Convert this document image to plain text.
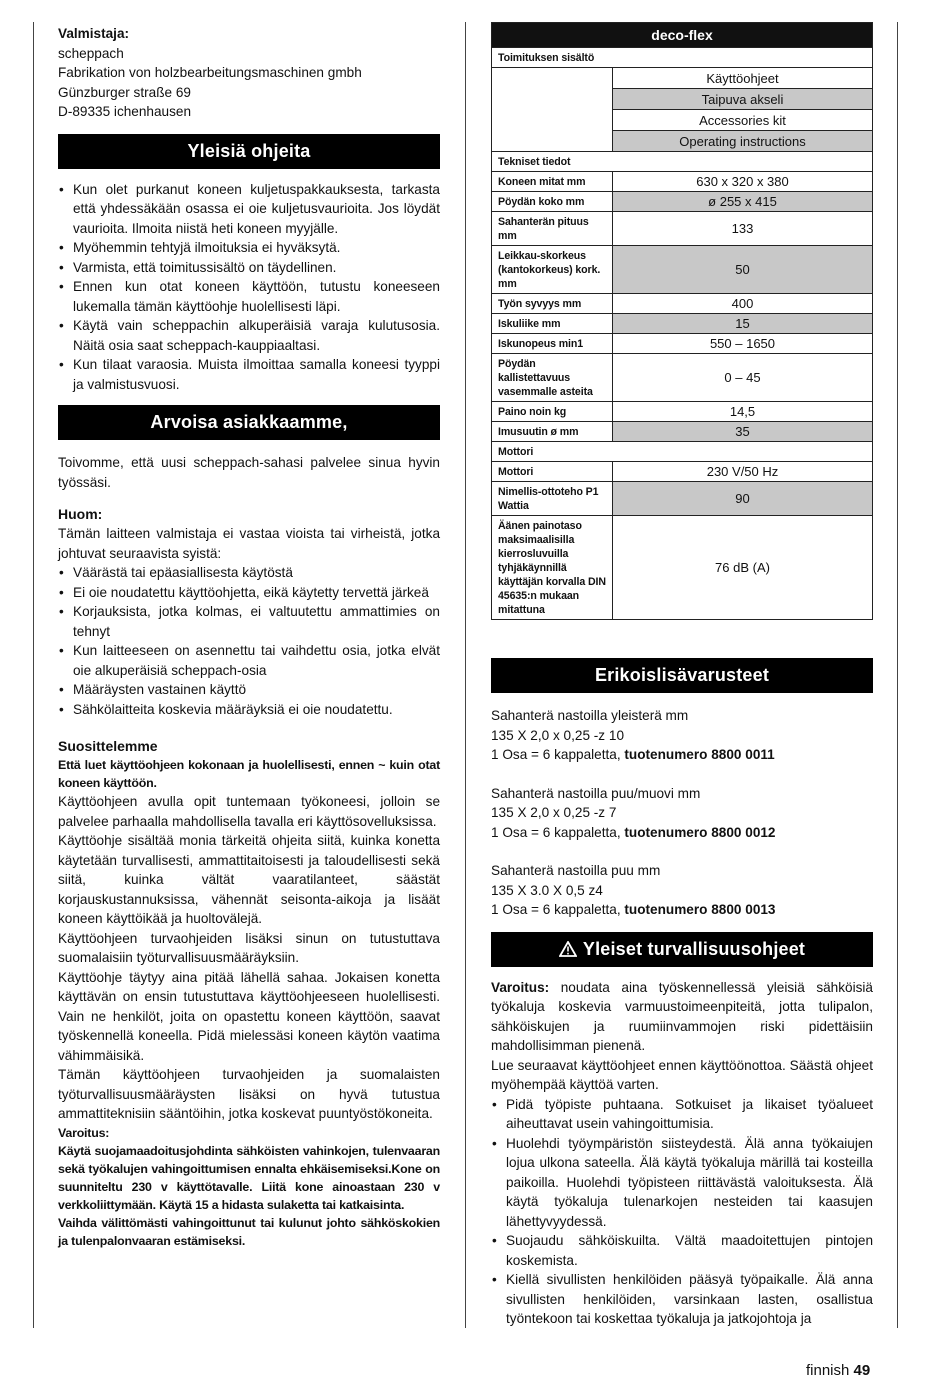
Valmistaja:
scheppach
Fabrikation von holzbearbeitungsmaschinen gmbh
Günzburger straße 69
D-89335 ichenhausen
Yleisiä ohjeita
• Kun olet purkanut koneen kuljetuspakkauksesta, tarkasta että yhdessäkään osassa ei oie kuljetusvaurioita. Jos löydät vaurioita. Ilmoita niistä heti koneen myyjälle.
• Myöhemmin tehtyjä ilmoituksia ei hyväksytä.
• Varmista, että toimitussisältö on täydellinen.
• Ennen kun otat koneen käyttöön, tutustu koneeseen lukemalla tämän käyttöohje huolellisesti läpi.
• Käytä vain scheppachin alkuperäisiä varaja kulutusosia. Näitä osia saat scheppach-kauppiaaltasi.
• Kun tilaat varaosia. Muista ilmoittaa samalla koneesi tyyppi ja valmistusvuosi.
Arvoisa asiakkaamme,
Toivomme, että uusi scheppach-sahasi palvelee sinua hyvin työssäsi.
Huom:
Tämän laitteen valmistaja ei vastaa vioista tai virheistä, jotka johtuvat seuraavista syistä:
• Väärästä tai epäasiallisesta käytöstä
• Ei oie noudatettu käyttöohjetta, eikä käytetty tervettä järkeä
• Korjauksista, jotka kolmas, ei valtuutettu ammattimies on tehnyt
• Kun laitteeseen on asennettu tai vaihdettu osia, jotka elvät oie alkuperäisiä scheppach-osia
• Määräysten vastainen käyttö
• Sähkölaitteita koskevia määräyksiä ei oie noudatettu.
Suosittelemme
Että luet käyttöohjeen kokonaan ja huolellisesti, ennen ~ kuin otat koneen käyttöön.
Käyttöohjeen avulla opit tuntemaan työkoneesi, jolloin se palvelee parhaalla mahdollisella tavalla eri käyttösovelluksissa.
Käyttöohje sisältää monia tärkeitä ohjeita siitä, kuinka konetta käytetään turvallisesti, ammattitaitoisesti ja taloudellisesti sekä siitä, kuinka vältät vaaratilanteet, säästät korjauskustannuksissa, vähennät seisonta-aikoja ja lisäät koneen käyttöikää ja huoltovälejä.
Käyttöohjeen turvaohjeiden lisäksi sinun on tutustuttava suomalaisiin työturvallisuusmääräyksiin.
Käyttöohje täytyy aina pitää lähellä sahaa. Jokaisen konetta käyttävän on ensin tutustuttava käyttöohjeeseen huolellisesti. Vain ne henkilöt, joita on opastettu koneen käyttöön, saavat työskennellä koneella. Pidä mielessäsi koneen käytön vaatima vähimmäisikä.
Tämän käyttöohjeen turvaohjeiden ja suomalaisten työturvallisuusmääräysten lisäksi on hyvä tutustua ammattiteknisiin sääntöihin, jotka koskevat puuntyöstökoneita.
Varoitus:
Käytä suojamaadoitusjohdinta sähköisten vahinkojen, tulenvaaran sekä työkalujen vahingoittumisen ennalta ehkäisemiseksi.Kone on suunniteltu 230 v käyttötavalle. Liitä kone ainoastaan 230 v verkkoliittymään. Käytä 15 a hidasta sulaketta tai katkaisinta.
Vaihda välittömästi vahingoittunut tai kulunut johto sähköskokien ja tulenpalonvaaran estämiseksi.
deco-flex	
Toimituksen sisältö	
	Käyttöohjeet
	Taipuva akseli
	Accessories kit
	Operating instructions
Tekniset tiedot	
Koneen mitat mm	630 x 320 x 380
Pöydän koko mm	ø 255 x 415
Sahanterän pituus mm	133
Leikkau-skorkeus (kantokorkeus) kork. mm	50
Työn syvyys mm	400
Iskuliike mm	15
Iskunopeus min1	550 – 1650
Pöydän kallistettavuus vasemmalle asteita	0 – 45
Paino noin kg	14,5
Imusuutin ø mm	35
Mottori	
Mottori	230 V/50 Hz
Nimellis-ottoteho P1 Wattia	90
Äänen painotaso maksimaalisilla kierrosluvuilla tyhjäkäynnillä käyttäjän korvalla DIN 45635:n mukaan mitattuna	76 dB (A)
Erikoislisävarusteet
Sahanterä nastoilla yleisterä mm
135 X 2,0 x 0,25 -z 10
1 Osa = 6 kappaletta, tuotenumero 8800 0011
Sahanterä nastoilla puu/muovi mm
135 X 2,0 x 0,25 -z 7
1 Osa = 6 kappaletta, tuotenumero 8800 0012
Sahanterä nastoilla puu mm
135 X 3.0 X 0,5 z4
1 Osa = 6 kappaletta, tuotenumero 8800 0013
Yleiset turvallisuusohjeet
Varoitus: noudata aina työskennellessä yleisiä sähköisiä työkaluja koskevia varmuustoimeenpiteitä, jotta tulipalon, sähköiskujen ja ruumiinvammojen riski pidettäisiin mahdollisimman pienenä.
Lue seuraavat käyttöohjeet ennen käyttöönottoa. Säästä ohjeet myöhempää käyttöä varten.
• Pidä työpiste puhtaana. Sotkuiset ja likaiset työalueet aiheuttavat usein vahingoittumisia.
• Huolehdi työympäristön siisteydestä. Älä anna työkaiujen lojua ulkona sateella. Älä käytä työkaluja märillä tai kosteilla paikoilla. Huolehdi työpisteen riittävästä valoituksesta. Älä käytä työkaluja tulenarkojen nesteiden tai kaasujen lähettyvyydessä.
• Suojaudu sähköiskuilta. Vältä maadoitettujen pintojen koskemista.
• Kiellä sivullisten henkilöiden pääsyä työpaikalle. Älä anna sivullisten henkilöiden, varsinkaan lasten, osallistua työntekoon tai koskettaa työkaluja ja jatkojohtoja ja
finnish 49
